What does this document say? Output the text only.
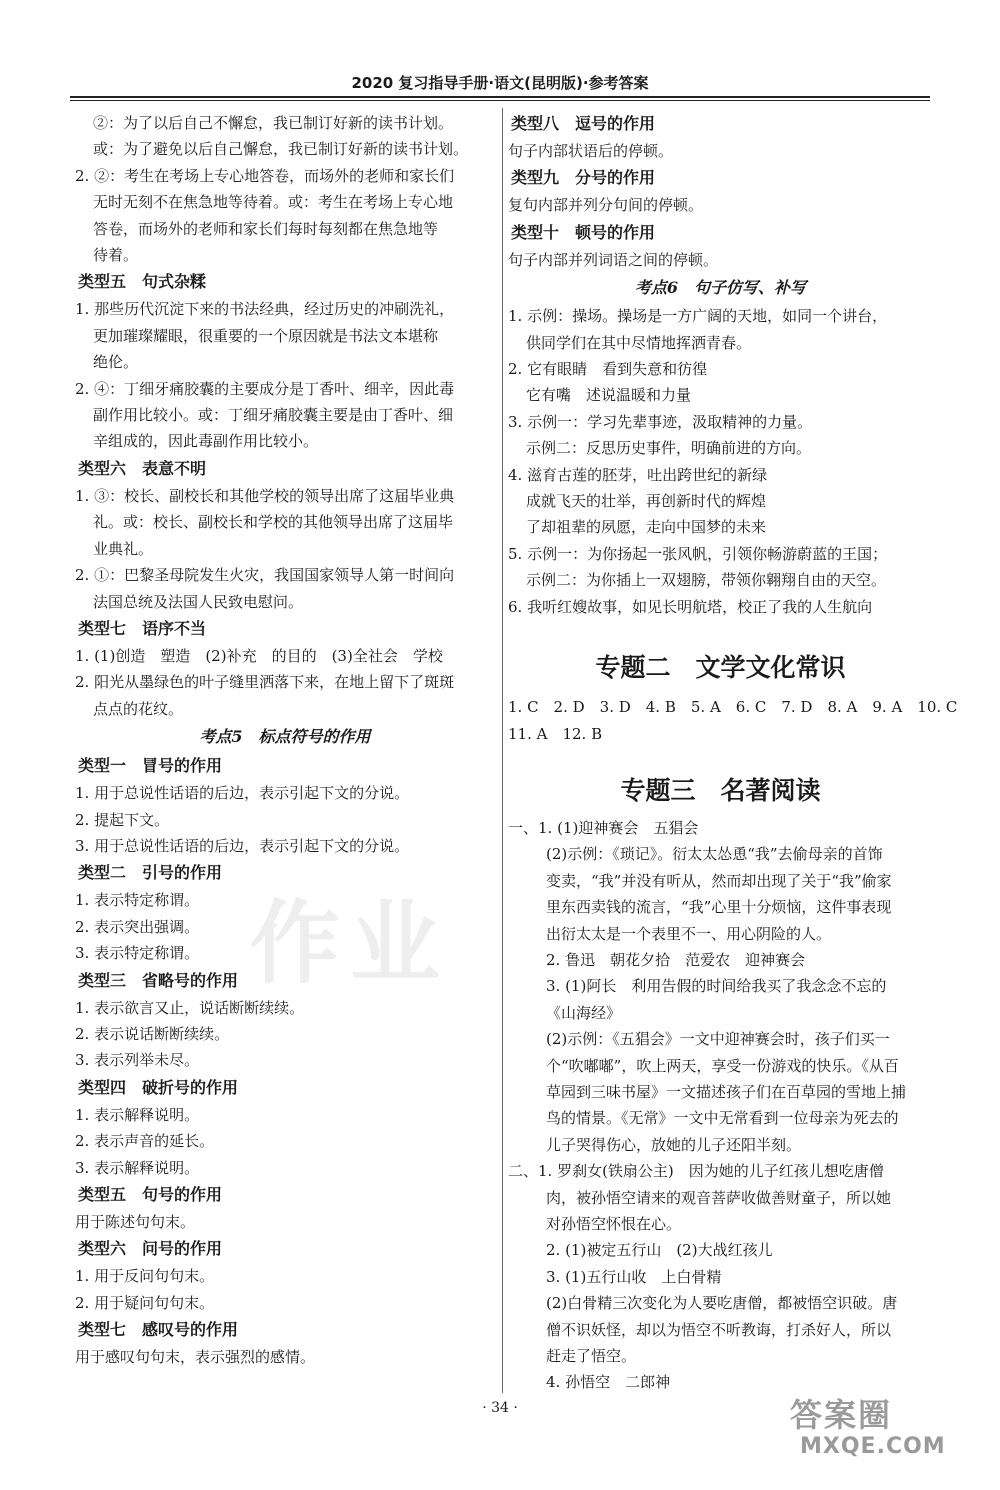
2020 复习指导手册·语文(昆明版)·参考答案
作业
②：为了以后自己不懈怠，我已制订好新的读书计划。
或：为了避免以后自己懈怠，我已制订好新的读书计划。
2. ②：考生在考场上专心地答卷，而场外的老师和家长们
无时无刻不在焦急地等待着。或：考生在考场上专心地
答卷，而场外的老师和家长们每时每刻都在焦急地等
待着。
类型五　句式杂糅
1. 那些历代沉淀下来的书法经典，经过历史的冲刷洗礼，
更加璀璨耀眼，很重要的一个原因就是书法文本堪称
绝伦。
2. ④：丁细牙痛胶囊的主要成分是丁香叶、细辛，因此毒
副作用比较小。或：丁细牙痛胶囊主要是由丁香叶、细
辛组成的，因此毒副作用比较小。
类型六　表意不明
1. ③：校长、副校长和其他学校的领导出席了这届毕业典
礼。或：校长、副校长和学校的其他领导出席了这届毕
业典礼。
2. ①：巴黎圣母院发生火灾，我国国家领导人第一时间向
法国总统及法国人民致电慰问。
类型七　语序不当
1. (1)创造　塑造　(2)补充　的目的　(3)全社会　学校
2. 阳光从墨绿色的叶子缝里洒落下来，在地上留下了斑斑
点点的花纹。
考点5　标点符号的作用
类型一　冒号的作用
1. 用于总说性话语的后边，表示引起下文的分说。
2. 提起下文。
3. 用于总说性话语的后边，表示引起下文的分说。
类型二　引号的作用
1. 表示特定称谓。
2. 表示突出强调。
3. 表示特定称谓。
类型三　省略号的作用
1. 表示欲言又止，说话断断续续。
2. 表示说话断断续续。
3. 表示列举未尽。
类型四　破折号的作用
1. 表示解释说明。
2. 表示声音的延长。
3. 表示解释说明。
类型五　句号的作用
用于陈述句句末。
类型六　问号的作用
1. 用于反问句句末。
2. 用于疑问句句末。
类型七　感叹号的作用
用于感叹句句末，表示强烈的感情。
类型八　逗号的作用
句子内部状语后的停顿。
类型九　分号的作用
复句内部并列分句间的停顿。
类型十　顿号的作用
句子内部并列词语之间的停顿。
考点6　句子仿写、补写
1. 示例：操场。操场是一方广阔的天地，如同一个讲台，
供同学们在其中尽情地挥洒青春。
2. 它有眼睛　看到失意和彷徨
它有嘴　述说温暖和力量
3. 示例一：学习先辈事迹，汲取精神的力量。
示例二：反思历史事件，明确前进的方向。
4. 滋育古莲的胚芽，吐出跨世纪的新绿
成就飞天的壮举，再创新时代的辉煌
了却祖辈的夙愿，走向中国梦的未来
5. 示例一：为你扬起一张风帆，引领你畅游蔚蓝的王国；
示例二：为你插上一双翅膀，带领你翱翔自由的天空。
6. 我听红嫂故事，如见长明航塔，校正了我的人生航向
专题二　文学文化常识
1. C　2. D　3. D　4. B　5. A　6. C　7. D　8. A　9. A　10. C
11. A　12. B
专题三　名著阅读
一、1. (1)迎神赛会　五猖会
(2)示例：《琐记》。衍太太怂恿“我”去偷母亲的首饰
变卖，“我”并没有听从，然而却出现了关于“我”偷家
里东西卖钱的流言，“我”心里十分烦恼，这件事表现
出衍太太是一个表里不一、用心阴险的人。
2. 鲁迅　朝花夕拾　范爱农　迎神赛会
3. (1)阿长　利用告假的时间给我买了我念念不忘的
《山海经》
(2)示例：《五猖会》一文中迎神赛会时，孩子们买一
个“吹嘟嘟”，吹上两天，享受一份游戏的快乐。《从百
草园到三味书屋》一文描述孩子们在百草园的雪地上捕
鸟的情景。《无常》一文中无常看到一位母亲为死去的
儿子哭得伤心，放她的儿子还阳半刻。
二、1. 罗刹女(铁扇公主)　因为她的儿子红孩儿想吃唐僧
肉，被孙悟空请来的观音菩萨收做善财童子，所以她
对孙悟空怀恨在心。
2. (1)被定五行山　(2)大战红孩儿
3. (1)五行山收　上白骨精
(2)白骨精三次变化为人要吃唐僧，都被悟空识破。唐
僧不识妖怪，却以为悟空不听教诲，打杀好人，所以
赶走了悟空。
4. 孙悟空　二郎神
· 34 ·	答案圈
MXQE.COM
